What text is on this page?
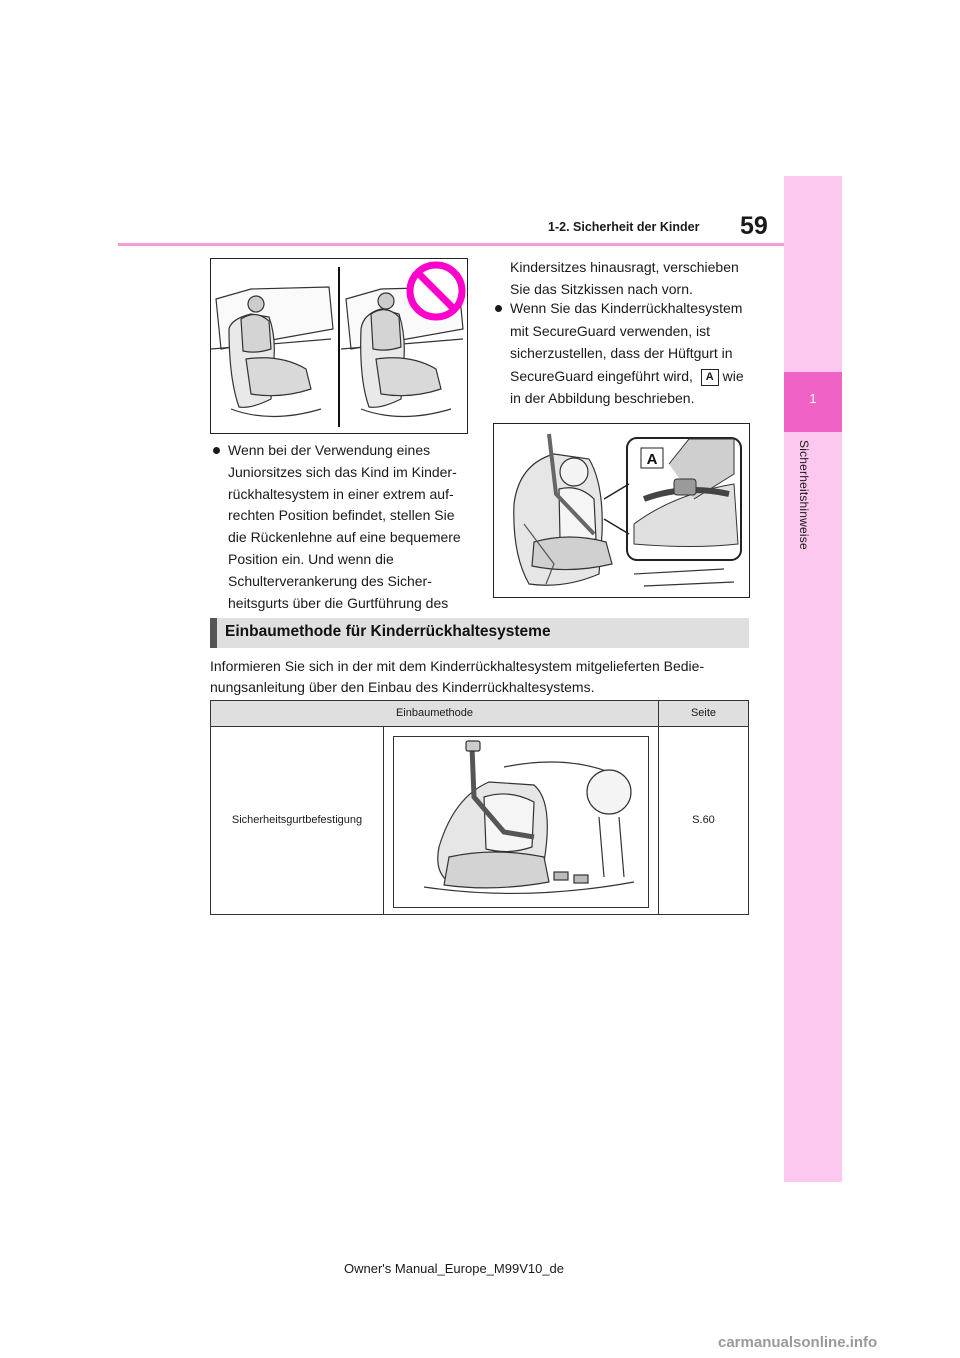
59
1-2. Sicherheit der Kinder
1
Sicherheitshinweise
Wenn bei der Verwendung eines Juniorsitzes sich das Kind im Kinderrückhaltesystem in einer extrem aufrechten Position befindet, stellen Sie die Rückenlehne auf eine bequemere Position ein. Und wenn die Schulterverankerung des Sicherheitsgurts über die Gurtführung des
Kindersitzes hinausragt, verschieben Sie das Sitzkissen nach vorn.
Wenn Sie das Kinderrückhaltesystem mit SecureGuard verwenden, ist sicherzustellen, dass der Hüftgurt in SecureGuard eingeführt wird, A wie in der Abbildung beschrieben.
A
Einbaumethode für Kinderrückhaltesysteme
Informieren Sie sich in der mit dem Kinderrückhaltesystem mitgelieferten Bedienungsanleitung über den Einbau des Kinderrückhaltesystems.
Einbaumethode	Seite
Sicherheitsgurtbefestigung	S.60
Owner's Manual_Europe_M99V10_de
carmanualsonline.info
